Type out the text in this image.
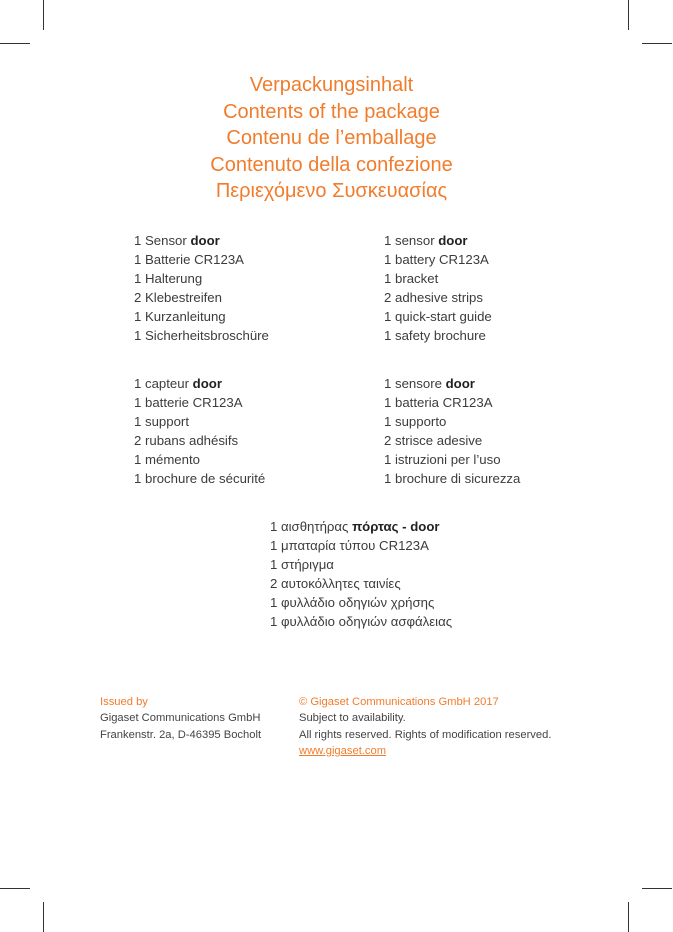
Verpackungsinhalt
Contents of the package
Contenu de l’emballage
Contenuto della confezione
Περιεχόμενο Συσκευασίας
1 Sensor door
1 Batterie CR123A
1 Halterung
2 Klebestreifen
1 Kurzanleitung
1 Sicherheitsbroschüre
1 sensor door
1 battery CR123A
1 bracket
2 adhesive strips
1 quick-start guide
1 safety brochure
1 capteur door
1 batterie CR123A
1 support
2 rubans adhésifs
1 mémento
1 brochure de sécurité
1 sensore door
1 batteria CR123A
1 supporto
2 strisce adesive
1 istruzioni per l’uso
1 brochure di sicurezza
1 αισθητήρας πόρτας - door
1 μπαταρία τύπου CR123A
1 στήριγμα
2 αυτοκόλλητες ταινίες
1 φυλλάδιο οδηγιών χρήσης
1 φυλλάδιο οδηγιών ασφάλειας
Issued by
Gigaset Communications GmbH
Frankenstr. 2a, D-46395 Bocholt
© Gigaset Communications GmbH 2017
Subject to availability.
All rights reserved. Rights of modification reserved.
www.gigaset.com
